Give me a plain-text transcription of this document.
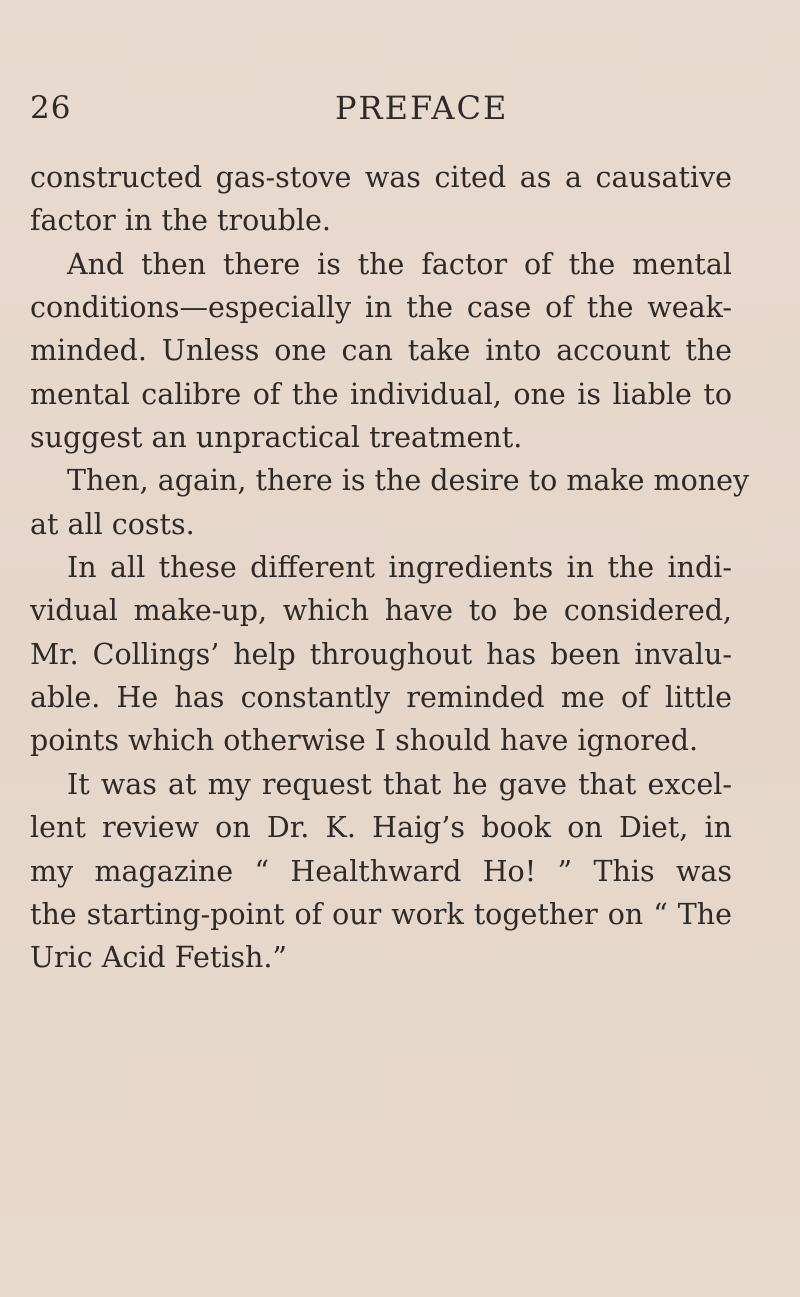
26	PREFACE
constructed gas-stove was cited as a causative
factor in the trouble.
And then there is the factor of the mental
conditions—especially in the case of the weak-
minded. Unless one can take into account the
mental calibre of the individual, one is liable to
suggest an unpractical treatment.
Then, again, there is the desire to make money
at all costs.
In all these different ingredients in the indi-
vidual make-up, which have to be considered,
Mr. Collings’ help throughout has been invalu-
able. He has constantly reminded me of little
points which otherwise I should have ignored.
It was at my request that he gave that excel-
lent review on Dr. K. Haig’s book on Diet, in
my magazine “ Healthward Ho! ” This was
the starting-point of our work together on “ The
Uric Acid Fetish.”
